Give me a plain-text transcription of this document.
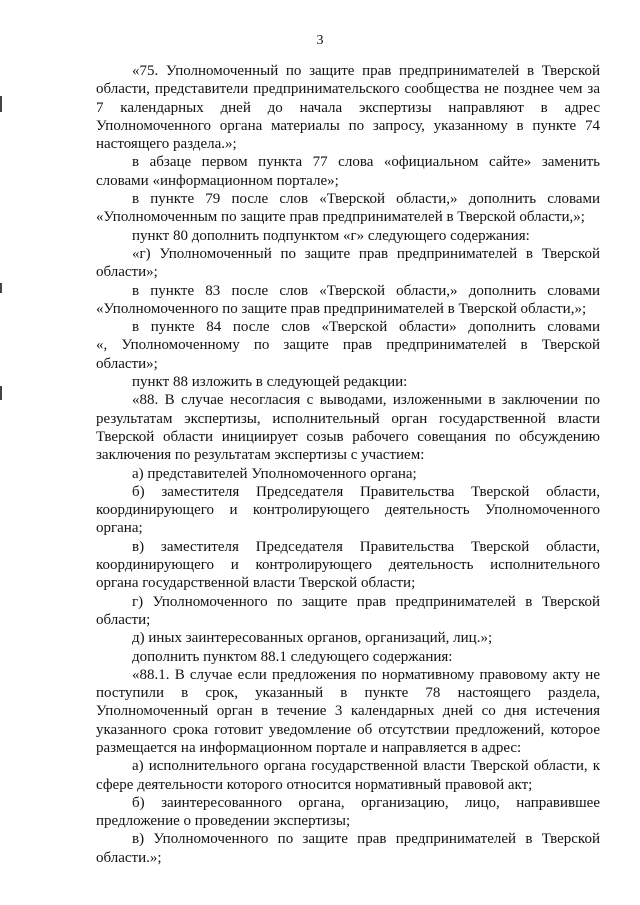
3
«75. Уполномоченный по защите прав предпринимателей в Тверской
области, представители предпринимательского сообщества не позднее чем за
7 календарных дней до начала экспертизы направляют в адрес
Уполномоченного органа материалы по запросу, указанному в пункте 74
настоящего раздела.»;
в абзаце первом пункта 77 слова «официальном сайте» заменить
словами «информационном портале»;
в пункте 79 после слов «Тверской области,» дополнить словами
«Уполномоченным по защите прав предпринимателей в Тверской области,»;
пункт 80 дополнить подпунктом «г» следующего содержания:
«г) Уполномоченный по защите прав предпринимателей в Тверской
области»;
в пункте 83 после слов «Тверской области,» дополнить словами
«Уполномоченного по защите прав предпринимателей в Тверской области,»;
в пункте 84 после слов «Тверской области» дополнить словами
«, Уполномоченному по защите прав предпринимателей в Тверской
области»;
пункт 88 изложить в следующей редакции:
«88. В случае несогласия с выводами, изложенными в заключении по
результатам экспертизы, исполнительный орган государственной власти
Тверской области инициирует созыв рабочего совещания по обсуждению
заключения по результатам экспертизы с участием:
а) представителей Уполномоченного органа;
б) заместителя Председателя Правительства Тверской области,
координирующего и контролирующего деятельность Уполномоченного
органа;
в) заместителя Председателя Правительства Тверской области,
координирующего и контролирующего деятельность исполнительного
органа государственной власти Тверской области;
г) Уполномоченного по защите прав предпринимателей в Тверской
области;
д) иных заинтересованных органов, организаций, лиц.»;
дополнить пунктом 88.1 следующего содержания:
«88.1. В случае если предложения по нормативному правовому акту не
поступили в срок, указанный в пункте 78 настоящего раздела,
Уполномоченный орган в течение 3 календарных дней со дня истечения
указанного срока готовит уведомление об отсутствии предложений, которое
размещается на информационном портале и направляется в адрес:
а) исполнительного органа государственной власти Тверской области, к
сфере деятельности которого относится нормативный правовой акт;
б) заинтересованного органа, организацию, лицо, направившее
предложение о проведении экспертизы;
в) Уполномоченного по защите прав предпринимателей в Тверской
области.»;
